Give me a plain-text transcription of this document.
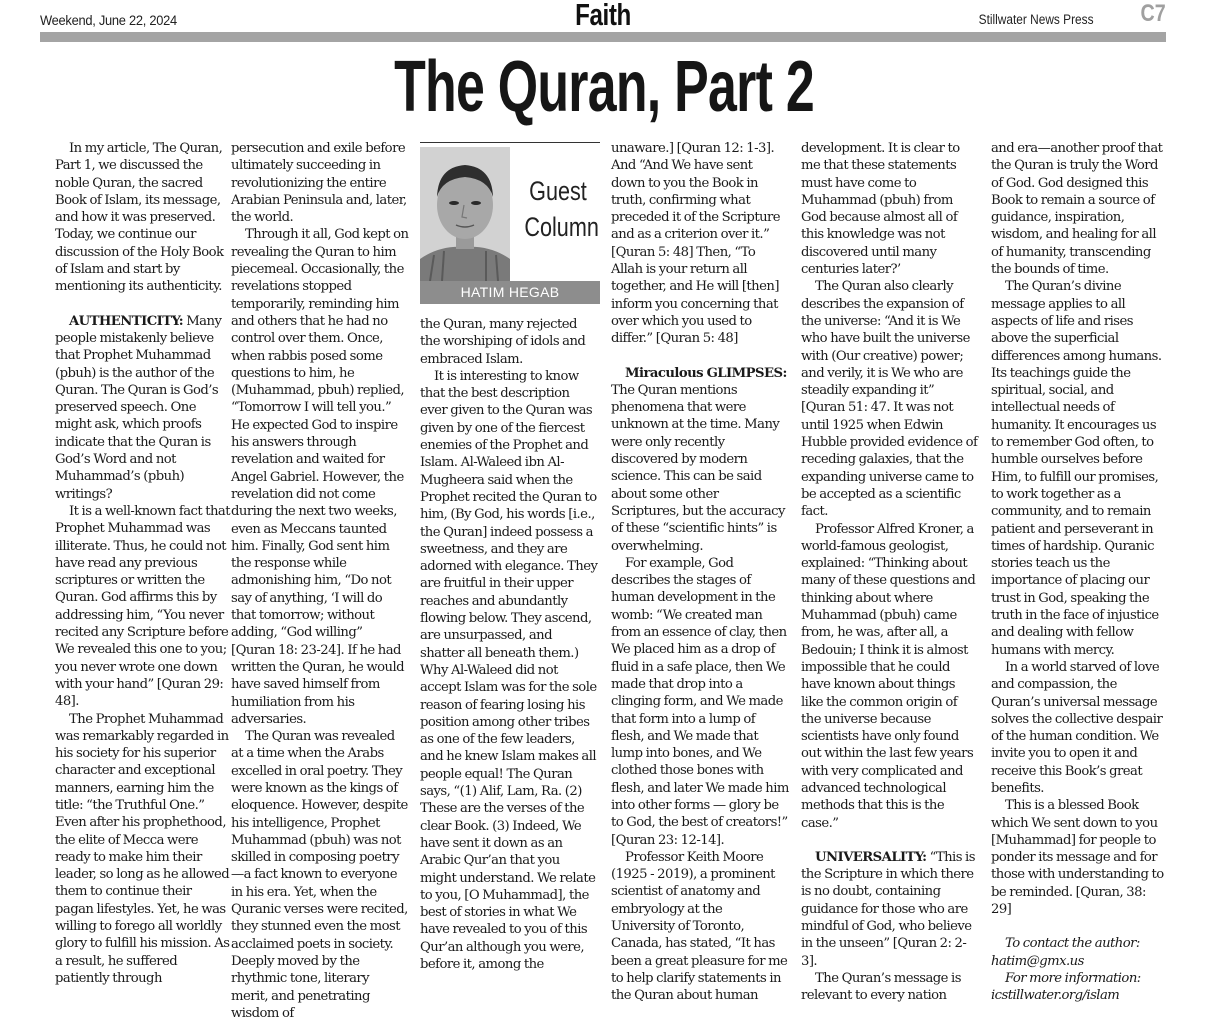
Weekend, June 22, 2024	Faith	Stillwater News Press C7
The Quran, Part 2

In my article, The Quran, Part 1, we discussed the noble Quran, the sacred Book of Islam, its message, and how it was preserved. Today, we continue our discussion of the Holy Book of Islam and start by mentioning its authenticity.

AUTHENTICITY: Many people mistakenly believe that Prophet Muhammad (pbuh) is the author of the Quran. The Quran is God’s preserved speech. One might ask, which proofs indicate that the Quran is God’s Word and not Muhammad’s (pbuh) writings?

It is a well-known fact that Prophet Muhammad was illiterate. Thus, he could not have read any previous scriptures or written the Quran. God affirms this by addressing him, “You never recited any Scripture before We revealed this one to you; you never wrote one down with your hand” [Quran 29: 48].

The Prophet Muhammad was remarkably regarded in his society for his superior character and exceptional manners, earning him the title: “the Truthful One.” Even after his prophethood, the elite of Mecca were ready to make him their leader, so long as he allowed them to continue their pagan lifestyles. Yet, he was willing to forego all worldly glory to fulfill his mission. As a result, he suffered patiently through

persecution and exile before ultimately succeeding in revolutionizing the entire Arabian Peninsula and, later, the world.

Through it all, God kept on revealing the Quran to him piecemeal. Occasionally, the revelations stopped temporarily, reminding him and others that he had no control over them. Once, when rabbis posed some questions to him, he (Muhammad, pbuh) replied, “Tomorrow I will tell you.” He expected God to inspire his answers through revelation and waited for Angel Gabriel. However, the revelation did not come during the next two weeks, even as Meccans taunted him. Finally, God sent him the response while admonishing him, “Do not say of anything, ‘I will do that tomorrow; without adding, “God willing” [Quran 18: 23-24]. If he had written the Quran, he would have saved himself from humiliation from his adversaries.

The Quran was revealed at a time when the Arabs excelled in oral poetry. They were known as the kings of eloquence. However, despite his intelligence, Prophet Muhammad (pbuh) was not skilled in composing poetry—a fact known to everyone in his era. Yet, when the Quranic verses were recited, they stunned even the most acclaimed poets in society. Deeply moved by the rhythmic tone, literary merit, and penetrating wisdom of

Guest
Column
HATIM HEGAB

the Quran, many rejected the worshiping of idols and embraced Islam.

It is interesting to know that the best description ever given to the Quran was given by one of the fiercest enemies of the Prophet and Islam. Al-Waleed ibn Al-Mugheera said when the Prophet recited the Quran to him, (By God, his words [i.e., the Quran] indeed possess a sweetness, and they are adorned with elegance. They are fruitful in their upper reaches and abundantly flowing below. They ascend, are unsurpassed, and shatter all beneath them.) Why Al-Waleed did not accept Islam was for the sole reason of fearing losing his position among other tribes as one of the few leaders, and he knew Islam makes all people equal! The Quran says, “(1) Alif, Lam, Ra. (2) These are the verses of the clear Book. (3) Indeed, We have sent it down as an Arabic Qur’an that you might understand. We relate to you, [O Muhammad], the best of stories in what We have revealed to you of this Qur’an although you were, before it, among the

unaware.] [Quran 12: 1-3]. And “And We have sent down to you the Book in truth, confirming what preceded it of the Scripture and as a criterion over it.” [Quran 5: 48] Then, “To Allah is your return all together, and He will [then] inform you concerning that over which you used to differ.” [Quran 5: 48]

Miraculous GLIMPSES: The Quran mentions phenomena that were unknown at the time. Many were only recently discovered by modern science. This can be said about some other Scriptures, but the accuracy of these “scientific hints” is overwhelming.

For example, God describes the stages of human development in the womb: “We created man from an essence of clay, then We placed him as a drop of fluid in a safe place, then We made that drop into a clinging form, and We made that form into a lump of flesh, and We made that lump into bones, and We clothed those bones with flesh, and later We made him into other forms — glory be to God, the best of creators!” [Quran 23: 12-14].

Professor Keith Moore (1925 - 2019), a prominent scientist of anatomy and embryology at the University of Toronto, Canada, has stated, “It has been a great pleasure for me to help clarify statements in the Quran about human

development. It is clear to me that these statements must have come to Muhammad (pbuh) from God because almost all of this knowledge was not discovered until many centuries later?’

The Quran also clearly describes the expansion of the universe: “And it is We who have built the universe with (Our creative) power; and verily, it is We who are steadily expanding it” [Quran 51: 47. It was not until 1925 when Edwin Hubble provided evidence of receding galaxies, that the expanding universe came to be accepted as a scientific fact.

Professor Alfred Kroner, a world-famous geologist, explained: “Thinking about many of these questions and thinking about where Muhammad (pbuh) came from, he was, after all, a Bedouin; I think it is almost impossible that he could have known about things like the common origin of the universe because scientists have only found out within the last few years with very complicated and advanced technological methods that this is the case.”

UNIVERSALITY: “This is the Scripture in which there is no doubt, containing guidance for those who are mindful of God, who believe in the unseen” [Quran 2: 2-3].

The Quran’s message is relevant to every nation

and era—another proof that the Quran is truly the Word of God. God designed this Book to remain a source of guidance, inspiration, wisdom, and healing for all of humanity, transcending the bounds of time.

The Quran’s divine message applies to all aspects of life and rises above the superficial differences among humans. Its teachings guide the spiritual, social, and intellectual needs of humanity. It encourages us to remember God often, to humble ourselves before Him, to fulfill our promises, to work together as a community, and to remain patient and perseverant in times of hardship. Quranic stories teach us the importance of placing our trust in God, speaking the truth in the face of injustice and dealing with fellow humans with mercy.

In a world starved of love and compassion, the Quran’s universal message solves the collective despair of the human condition. We invite you to open it and receive this Book’s great benefits.

This is a blessed Book which We sent down to you [Muhammad] for people to ponder its message and for those with understanding to be reminded. [Quran, 38: 29]

To contact the author:

hatim@gmx.us

For more information:

icstillwater.org/islam
